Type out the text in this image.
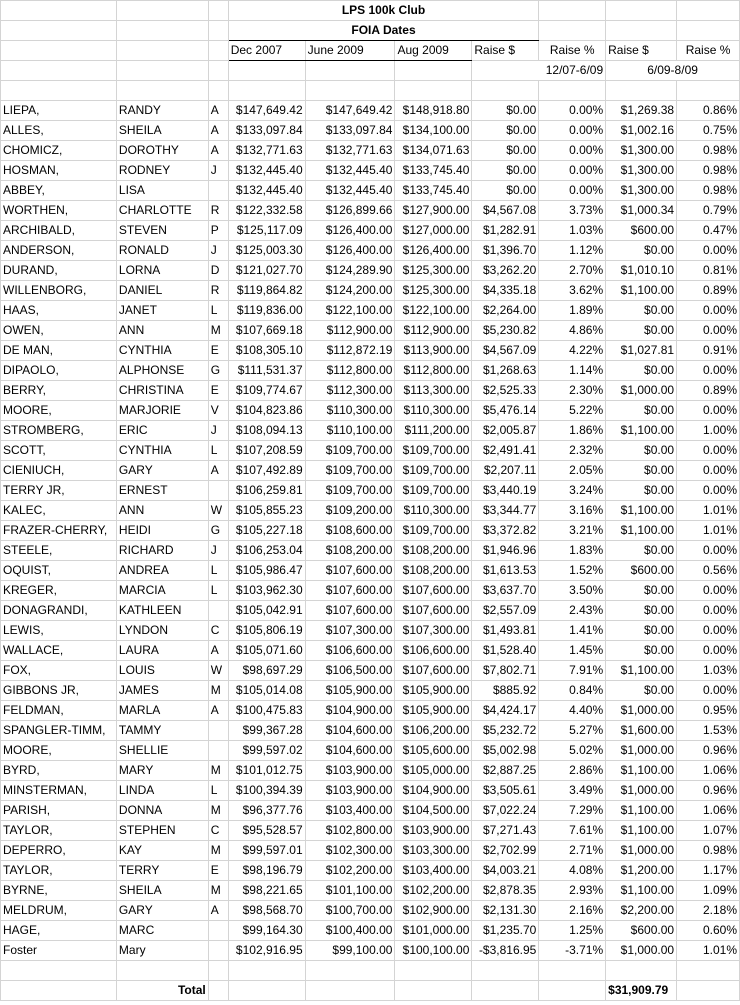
			LPS 100k Club						
			FOIA Dates						
			Dec 2007	June 2009	Aug 2009	Raise $	Raise %	Raise $	Raise %
						12/07-6/09		6/09-8/09	

LIEPA,	RANDY	A	$147,649.42	$147,649.42	$148,918.80	$0.00	0.00%	$1,269.38	0.86%
ALLES,	SHEILA	A	$133,097.84	$133,097.84	$134,100.00	$0.00	0.00%	$1,002.16	0.75%
CHOMICZ,	DOROTHY	A	$132,771.63	$132,771.63	$134,071.63	$0.00	0.00%	$1,300.00	0.98%
HOSMAN,	RODNEY	J	$132,445.40	$132,445.40	$133,745.40	$0.00	0.00%	$1,300.00	0.98%
ABBEY,	LISA		$132,445.40	$132,445.40	$133,745.40	$0.00	0.00%	$1,300.00	0.98%
WORTHEN,	CHARLOTTE	R	$122,332.58	$126,899.66	$127,900.00	$4,567.08	3.73%	$1,000.34	0.79%
ARCHIBALD,	STEVEN	P	$125,117.09	$126,400.00	$127,000.00	$1,282.91	1.03%	$600.00	0.47%
ANDERSON,	RONALD	J	$125,003.30	$126,400.00	$126,400.00	$1,396.70	1.12%	$0.00	0.00%
DURAND,	LORNA	D	$121,027.70	$124,289.90	$125,300.00	$3,262.20	2.70%	$1,010.10	0.81%
WILLENBORG,	DANIEL	R	$119,864.82	$124,200.00	$125,300.00	$4,335.18	3.62%	$1,100.00	0.89%
HAAS,	JANET	L	$119,836.00	$122,100.00	$122,100.00	$2,264.00	1.89%	$0.00	0.00%
OWEN,	ANN	M	$107,669.18	$112,900.00	$112,900.00	$5,230.82	4.86%	$0.00	0.00%
DE MAN,	CYNTHIA	E	$108,305.10	$112,872.19	$113,900.00	$4,567.09	4.22%	$1,027.81	0.91%
DIPAOLO,	ALPHONSE	G	$111,531.37	$112,800.00	$112,800.00	$1,268.63	1.14%	$0.00	0.00%
BERRY,	CHRISTINA	E	$109,774.67	$112,300.00	$113,300.00	$2,525.33	2.30%	$1,000.00	0.89%
MOORE,	MARJORIE	V	$104,823.86	$110,300.00	$110,300.00	$5,476.14	5.22%	$0.00	0.00%
STROMBERG,	ERIC	J	$108,094.13	$110,100.00	$111,200.00	$2,005.87	1.86%	$1,100.00	1.00%
SCOTT,	CYNTHIA	L	$107,208.59	$109,700.00	$109,700.00	$2,491.41	2.32%	$0.00	0.00%
CIENIUCH,	GARY	A	$107,492.89	$109,700.00	$109,700.00	$2,207.11	2.05%	$0.00	0.00%
TERRY JR,	ERNEST		$106,259.81	$109,700.00	$109,700.00	$3,440.19	3.24%	$0.00	0.00%
KALEC,	ANN	W	$105,855.23	$109,200.00	$110,300.00	$3,344.77	3.16%	$1,100.00	1.01%
FRAZER-CHERRY,	HEIDI	G	$105,227.18	$108,600.00	$109,700.00	$3,372.82	3.21%	$1,100.00	1.01%
STEELE,	RICHARD	J	$106,253.04	$108,200.00	$108,200.00	$1,946.96	1.83%	$0.00	0.00%
OQUIST,	ANDREA	L	$105,986.47	$107,600.00	$108,200.00	$1,613.53	1.52%	$600.00	0.56%
KREGER,	MARCIA	L	$103,962.30	$107,600.00	$107,600.00	$3,637.70	3.50%	$0.00	0.00%
DONAGRANDI,	KATHLEEN		$105,042.91	$107,600.00	$107,600.00	$2,557.09	2.43%	$0.00	0.00%
LEWIS,	LYNDON	C	$105,806.19	$107,300.00	$107,300.00	$1,493.81	1.41%	$0.00	0.00%
WALLACE,	LAURA	A	$105,071.60	$106,600.00	$106,600.00	$1,528.40	1.45%	$0.00	0.00%
FOX,	LOUIS	W	$98,697.29	$106,500.00	$107,600.00	$7,802.71	7.91%	$1,100.00	1.03%
GIBBONS JR,	JAMES	M	$105,014.08	$105,900.00	$105,900.00	$885.92	0.84%	$0.00	0.00%
FELDMAN,	MARLA	A	$100,475.83	$104,900.00	$105,900.00	$4,424.17	4.40%	$1,000.00	0.95%
SPANGLER-TIMM,	TAMMY		$99,367.28	$104,600.00	$106,200.00	$5,232.72	5.27%	$1,600.00	1.53%
MOORE,	SHELLIE		$99,597.02	$104,600.00	$105,600.00	$5,002.98	5.02%	$1,000.00	0.96%
BYRD,	MARY	M	$101,012.75	$103,900.00	$105,000.00	$2,887.25	2.86%	$1,100.00	1.06%
MINSTERMAN,	LINDA	L	$100,394.39	$103,900.00	$104,900.00	$3,505.61	3.49%	$1,000.00	0.96%
PARISH,	DONNA	M	$96,377.76	$103,400.00	$104,500.00	$7,022.24	7.29%	$1,100.00	1.06%
TAYLOR,	STEPHEN	C	$95,528.57	$102,800.00	$103,900.00	$7,271.43	7.61%	$1,100.00	1.07%
DEPERRO,	KAY	M	$99,597.01	$102,300.00	$103,300.00	$2,702.99	2.71%	$1,000.00	0.98%
TAYLOR,	TERRY	E	$98,196.79	$102,200.00	$103,400.00	$4,003.21	4.08%	$1,200.00	1.17%
BYRNE,	SHEILA	M	$98,221.65	$101,100.00	$102,200.00	$2,878.35	2.93%	$1,100.00	1.09%
MELDRUM,	GARY	A	$98,568.70	$100,700.00	$102,900.00	$2,131.30	2.16%	$2,200.00	2.18%
HAGE,	MARC		$99,164.30	$100,400.00	$101,000.00	$1,235.70	1.25%	$600.00	0.60%
Foster	Mary		$102,916.95	$99,100.00	$100,100.00	-$3,816.95	-3.71%	$1,000.00	1.01%

	Total							$31,909.79	
